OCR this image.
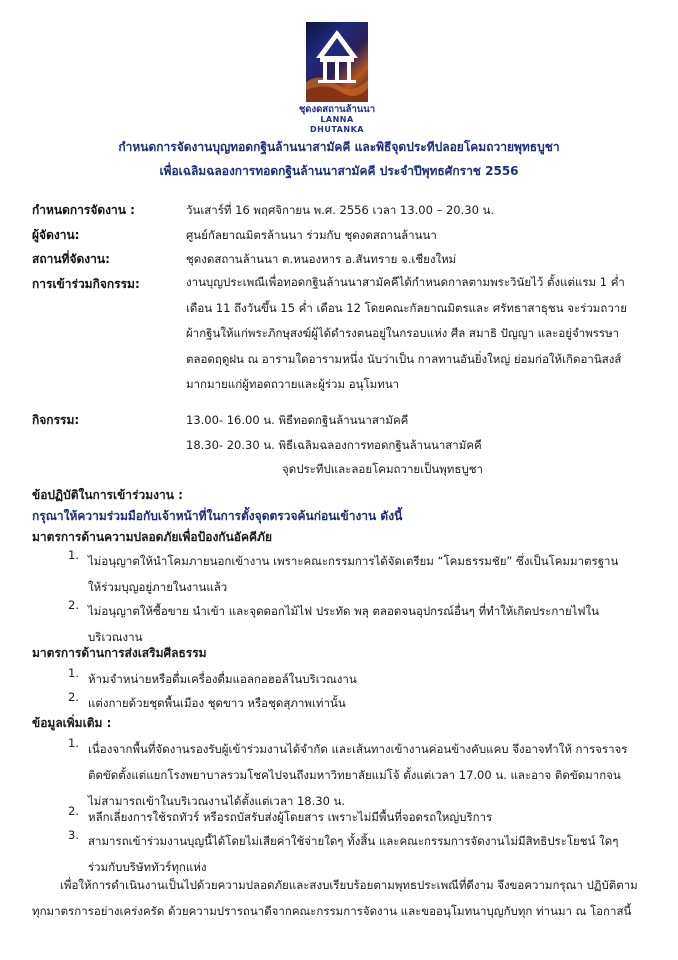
ชุดงดสถานล้านนา
LANNA DHUTANKA
กำหนดการจัดงานบุญทอดกฐินล้านนาสามัคคี และพิธีจุดประทีปลอยโคมถวายพุทธบูชา
เพื่อเฉลิมฉลองการทอดกฐินล้านนาสามัคคี ประจำปีพุทธศักราช 2556
กำหนดการจัดงาน :	วันเสาร์ที่ 16 พฤศจิกายน พ.ศ. 2556 เวลา 13.00 – 20.30 น.
ผู้จัดงาน:	ศูนย์กัลยาณมิตรล้านนา ร่วมกับ ชุดงดสถานล้านนา
สถานที่จัดงาน:	ชุดงดสถานล้านนา ต.หนองหาร อ.สันทราย จ.เชียงใหม่
การเข้าร่วมกิจกรรม:	งานบุญประเพณีเพื่อทอดกฐินล้านนาสามัคคีได้กำหนดกาลตามพระวินัยไว้ ตั้งแต่แรม 1 ค่ำ เดือน 11 ถึงวันขึ้น 15 ค่ำ เดือน 12 โดยคณะกัลยาณมิตรและ ศรัทธาสาธุชน จะร่วมถวายผ้ากฐินให้แก่พระภิกษุสงฆ์ผู้ได้ดำรงตนอยู่ในกรอบแห่ง ศีล สมาธิ ปัญญา และอยู่จำพรรษาตลอดฤดูฝน ณ อารามใดอารามหนึ่ง นับว่าเป็น กาลทานอันยิ่งใหญ่ ย่อมก่อให้เกิดอานิสงส์มากมายแก่ผู้ทอดถวายและผู้ร่วม อนุโมทนา
กิจกรรม:	13.00- 16.00 น. พิธีทอดกฐินล้านนาสามัคคี
18.30- 20.30 น. พิธีเฉลิมฉลองการทอดกฐินล้านนาสามัคคี
จุดประทีปและลอยโคมถวายเป็นพุทธบูชา
ข้อปฏิบัติในการเข้าร่วมงาน :
กรุณาให้ความร่วมมือกับเจ้าหน้าที่ในการตั้งจุดตรวจค้นก่อนเข้างาน ดังนี้
มาตรการด้านความปลอดภัยเพื่อป้องกันอัคคีภัย
1. ไม่อนุญาตให้นำโคมภายนอกเข้างาน เพราะคณะกรรมการได้จัดเตรียม “โคมธรรมชัย” ซึ่งเป็นโคมมาตรฐาน ให้ร่วมบุญอยู่ภายในงานแล้ว
2. ไม่อนุญาตให้ซื้อขาย นำเข้า และจุดดอกไม้ไฟ ประทัด พลุ ตลอดจนอุปกรณ์อื่นๆ ที่ทำให้เกิดประกายไฟใน บริเวณงาน
มาตรการด้านการส่งเสริมศีลธรรม
1. ห้ามจำหน่ายหรือดื่มเครื่องดื่มแอลกอฮอล์ในบริเวณงาน
2. แต่งกายด้วยชุดพื้นเมือง ชุดขาว หรือชุดสุภาพเท่านั้น
ข้อมูลเพิ่มเติม :
1. เนื่องจากพื้นที่จัดงานรองรับผู้เข้าร่วมงานได้จำกัด และเส้นทางเข้างานค่อนข้างคับแคบ จึงอาจทำให้ การจราจรติดขัดตั้งแต่แยกโรงพยาบาลรวมโชคไปจนถึงมหาวิทยาลัยแม่โจ้ ตั้งแต่เวลา 17.00 น. และอาจ ติดขัดมากจนไม่สามารถเข้าในบริเวณงานได้ตั้งแต่เวลา 18.30 น.
2. หลีกเลี่ยงการใช้รถทัวร์ หรือรถบัสรับส่งผู้โดยสาร เพราะไม่มีพื้นที่จอดรถใหญ่บริการ
3. สามารถเข้าร่วมงานบุญนี้ได้โดยไม่เสียค่าใช้จ่ายใดๆ ทั้งสิ้น และคณะกรรมการจัดงานไม่มีสิทธิประโยชน์ ใดๆ ร่วมกับบริษัททัวร์ทุกแห่ง
เพื่อให้การดำเนินงานเป็นไปด้วยความปลอดภัยและสงบเรียบร้อยตามพุทธประเพณีที่ดีงาม จึงขอความกรุณา ปฏิบัติตามทุกมาตรการอย่างเคร่งครัด ด้วยความปรารถนาดีจากคณะกรรมการจัดงาน และขออนุโมทนาบุญกับทุก ท่านมา ณ โอกาสนี้
